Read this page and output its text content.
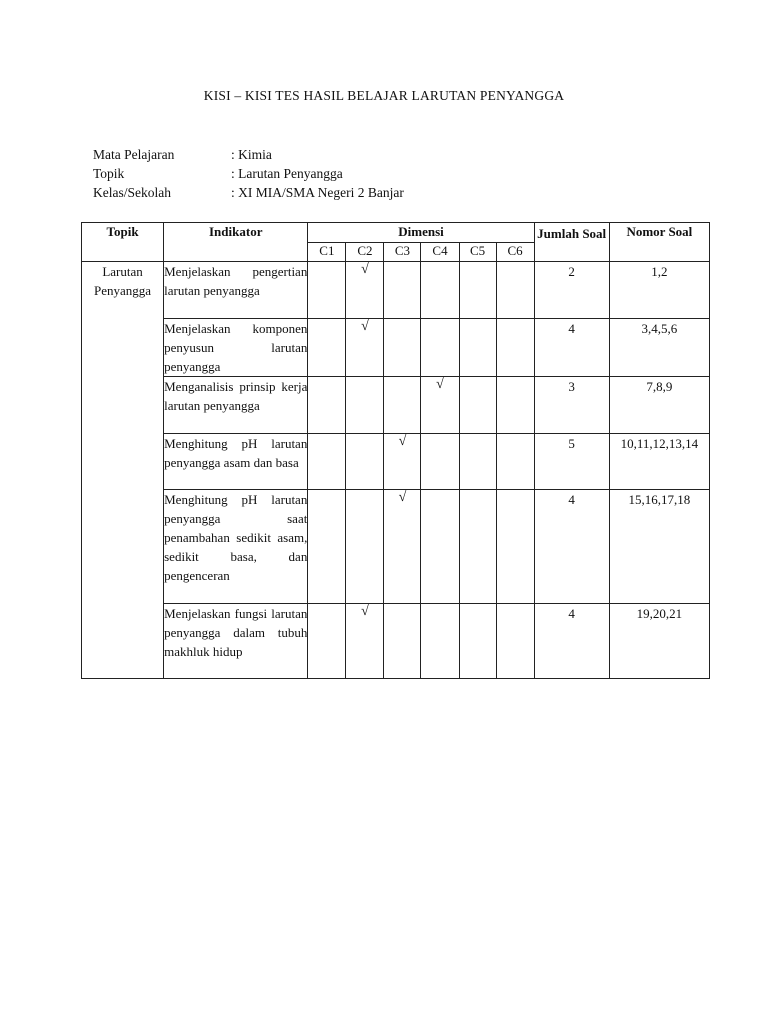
KISI – KISI TES HASIL BELAJAR LARUTAN PENYANGGA
Mata Pelajaran	: Kimia
Topik	: Larutan Penyangga
Kelas/Sekolah	: XI MIA/SMA Negeri 2 Banjar
Topik	Indikator	Dimensi						Jumlah Soal	Nomor Soal
		C1	C2	C3	C4	C5	C6		
Larutan Penyangga	Menjelaskan pengertian larutan penyangga		√					2	1,2
	Menjelaskan komponen penyusun larutan penyangga		√					4	3,4,5,6
	Menganalisis prinsip kerja larutan penyangga				√			3	7,8,9
	Menghitung pH larutan penyangga asam dan basa			√				5	10,11,12,13,14
	Menghitung pH larutan penyangga saat penambahan sedikit asam, sedikit basa, dan pengenceran			√				4	15,16,17,18
	Menjelaskan fungsi larutan penyangga dalam tubuh makhluk hidup		√					4	19,20,21
